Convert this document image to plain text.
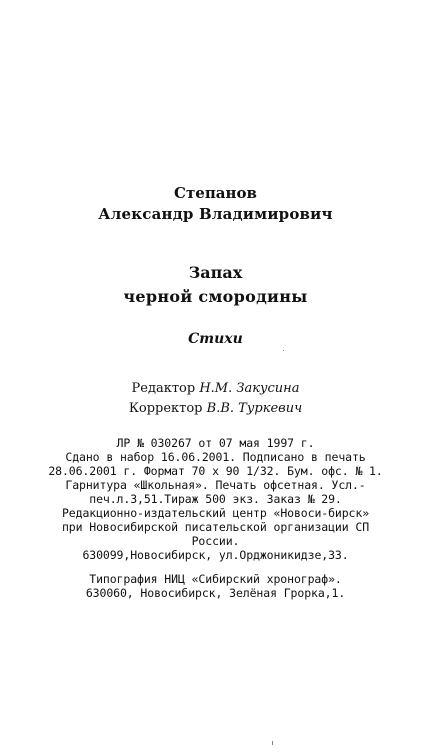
Степанов
Александр Владимирович
Запах
черной смородины
Стихи
Редактор Н.М. Закусина
Корректор В.В. Туркевич
ЛР № 030267 от 07 мая 1997 г.
Сдано в набор 16.06.2001. Подписано в печать
28.06.2001 г. Формат 70 х 90 1/32. Бум. офс. № 1.
Гарнитура «Школьная». Печать офсетная. Усл.-
печ.л.3,51.Тираж 500 экз. Заказ № 29.
Редакционно-издательский центр «Новоси-бирск»
при Новосибирской писательской организации СП
России.
630099,Новосибирск, ул.Орджоникидзе,33.
Типография НИЦ «Сибирский хронограф».
630060, Новосибирск, Зелёная Грорка,1.
